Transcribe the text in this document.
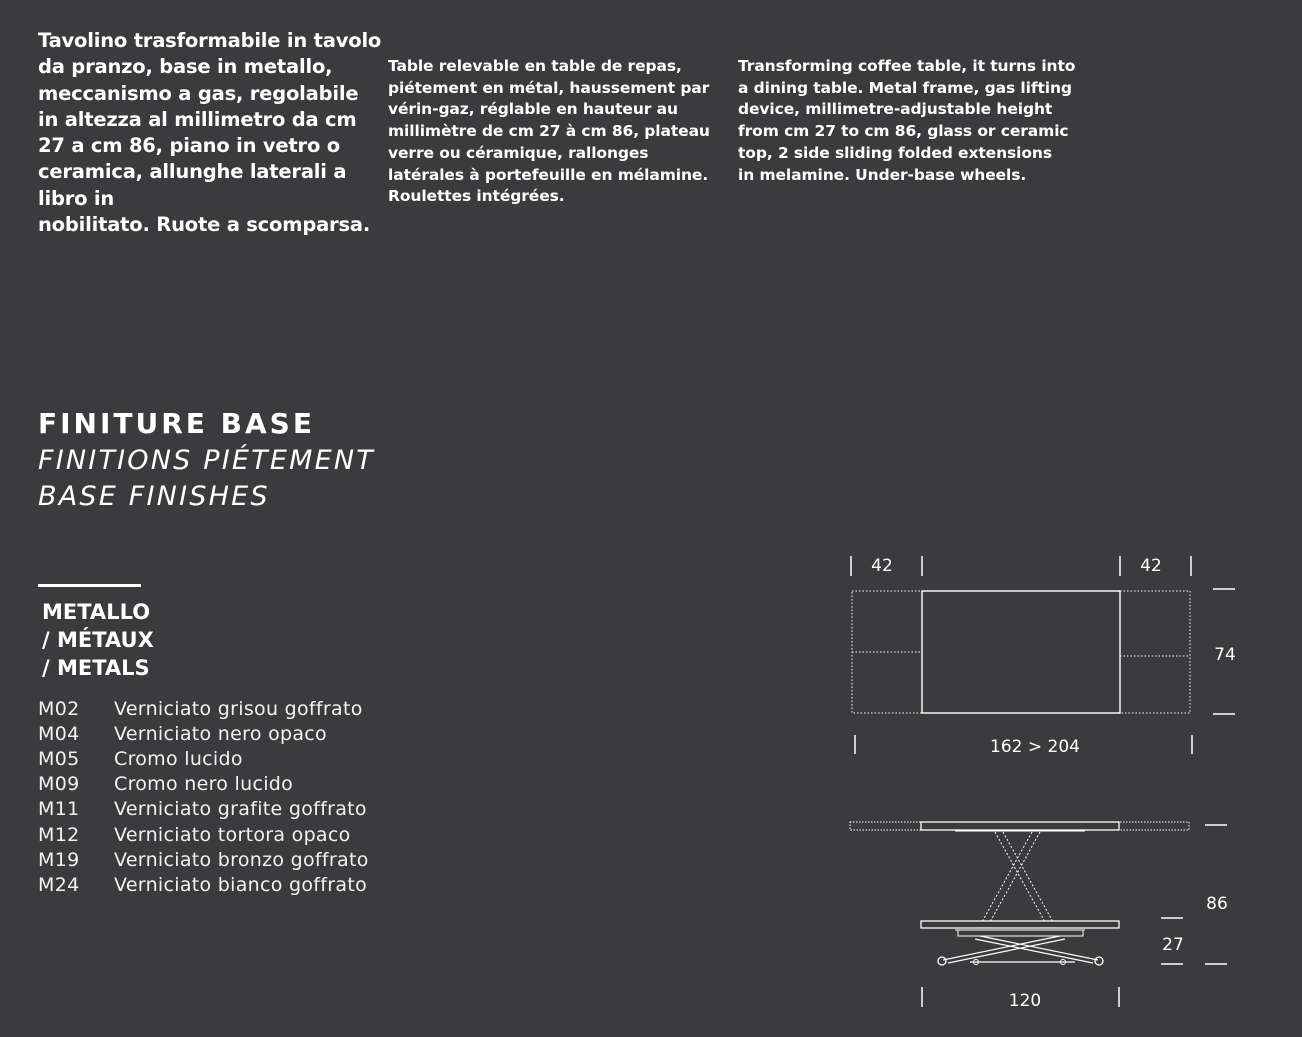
Tavolino trasformabile in tavolo
da pranzo, base in metallo,
meccanismo a gas, regolabile
in altezza al millimetro da cm
27 a cm 86, piano in vetro o
ceramica, allunghe laterali a
libro in
nobilitato. Ruote a scomparsa.
Table relevable en table de repas,
piétement en métal, haussement par
vérin-gaz, réglable en hauteur au
millimètre de cm 27 à cm 86, plateau
verre ou céramique, rallonges
latérales à portefeuille en mélamine.
Roulettes intégrées.
Transforming coffee table, it turns into
a dining table. Metal frame, gas lifting
device, millimetre-adjustable height
from cm 27 to cm 86, glass or ceramic
top, 2 side sliding folded extensions
in melamine. Under-base wheels.
FINITURE BASE
FINITIONS PIÉTEMENT
BASE FINISHES
METALLO
/ MÉTAUX
/ METALS
M02	Verniciato grisou goffrato
M04	Verniciato nero opaco
M05	Cromo lucido
M09	Cromo nero lucido
M11	Verniciato grafite goffrato
M12	Verniciato tortora opaco
M19	Verniciato bronzo goffrato
M24	Verniciato bianco goffrato
42	42
74
162 > 204
86
27
120
